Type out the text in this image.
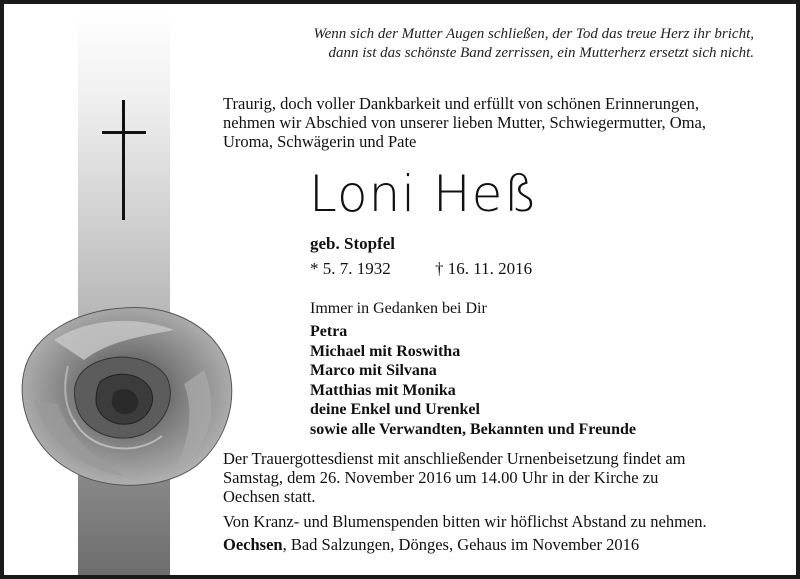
Wenn sich der Mutter Augen schließen, der Tod das treue Herz ihr bricht,
dann ist das schönste Band zerrissen, ein Mutterherz ersetzt sich nicht.
Traurig, doch voller Dankbarkeit und erfüllt von schönen Erinnerungen,
nehmen wir Abschied von unserer lieben Mutter, Schwiegermutter, Oma,
Uroma, Schwägerin und Pate
Loni Heß
geb. Stopfel
* 5. 7. 1932	† 16. 11. 2016
Immer in Gedanken bei Dir
Petra
Michael mit Roswitha
Marco mit Silvana
Matthias mit Monika
deine Enkel und Urenkel
sowie alle Verwandten, Bekannten und Freunde
Der Trauergottesdienst mit anschließender Urnenbeisetzung findet am
Samstag, dem 26. November 2016 um 14.00 Uhr in der Kirche zu
Oechsen statt.
Von Kranz- und Blumenspenden bitten wir höflichst Abstand zu nehmen.
Oechsen, Bad Salzungen, Dönges, Gehaus im November 2016
